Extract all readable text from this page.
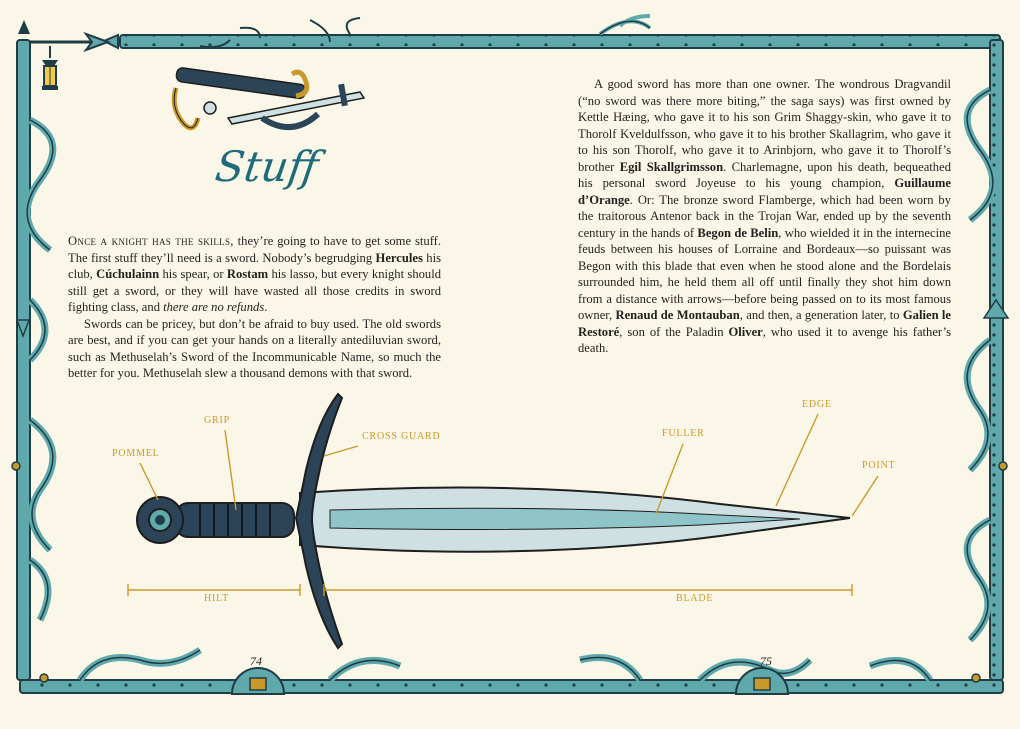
Stuff

Once a knight has the skills, they’re going to have to get some stuff. The first stuff they’ll need is a sword. Nobody’s begrudging Hercules his club, Cúchulainn his spear, or Rostam his lasso, but every knight should still get a sword, or they will have wasted all those credits in sword fighting class, and there are no refunds.

Swords can be pricey, but don’t be afraid to buy used. The old swords are best, and if you can get your hands on a literally antediluvian sword, such as Methuselah’s Sword of the Incommunicable Name, so much the better for you. Methuselah slew a thousand demons with that sword.

A good sword has more than one owner. The wondrous Dragvandil (“no sword was there more biting,” the saga says) was first owned by Kettle Hæing, who gave it to his son Grim Shaggy-skin, who gave it to Thorolf Kveldulfsson, who gave it to his brother Skallagrim, who gave it to his son Thorolf, who gave it to Arinbjorn, who gave it to Thorolf’s brother Egil Skallgrimsson. Charlemagne, upon his death, bequeathed his personal sword Joyeuse to his young champion, Guillaume d’Orange. Or: The bronze sword Flamberge, which had been worn by the traitorous Antenor back in the Trojan War, ended up by the seventh century in the hands of Begon de Belin, who wielded it in the internecine feuds between his houses of Lorraine and Bordeaux—so puissant was Begon with this blade that even when he stood alone and the Bordelais surrounded him, he held them all off until finally they shot him down from a distance with arrows—before being passed on to its most famous owner, Renaud de Montauban, and then, a generation later, to Galien le Restoré, son of the Paladin Oliver, who used it to avenge his father’s death.

GRIP
POMMEL
CROSS GUARD	FULLER
EDGE
POINT
HILT	BLADE
74	75
